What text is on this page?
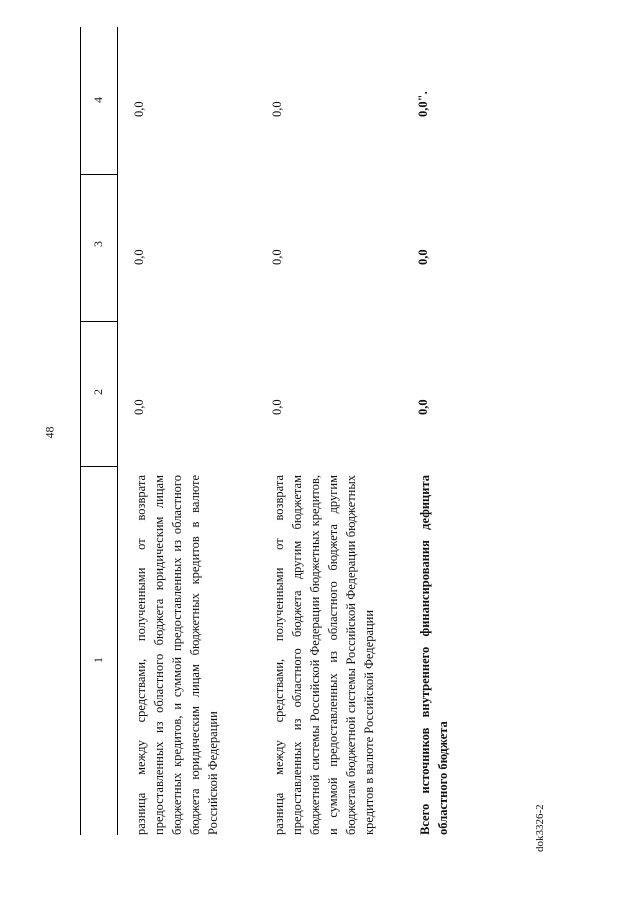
48
dok3326-2
1
2
3
4
разница между средствами, полученными от возврата предоставленных из областного бюджета юридическим лицам бюджетных кредитов, и суммой предоставленных из областного бюджета юридическим лицам бюджетных кредитов в валюте Российской Федерации
0,0
0,0
0,0
разница между средствами, полученными от возврата предоставленных из областного бюджета другим бюджетам бюджетной системы Российской Федерации бюджетных кредитов, и суммой предоставленных из областного бюджета другим бюджетам бюджетной системы Российской Федерации бюджетных кредитов в валюте Российской Федерации
0,0
0,0
0,0
Всего источников внутреннего финансирования дефицита областного бюджета
0,0
0,0
0,0".
